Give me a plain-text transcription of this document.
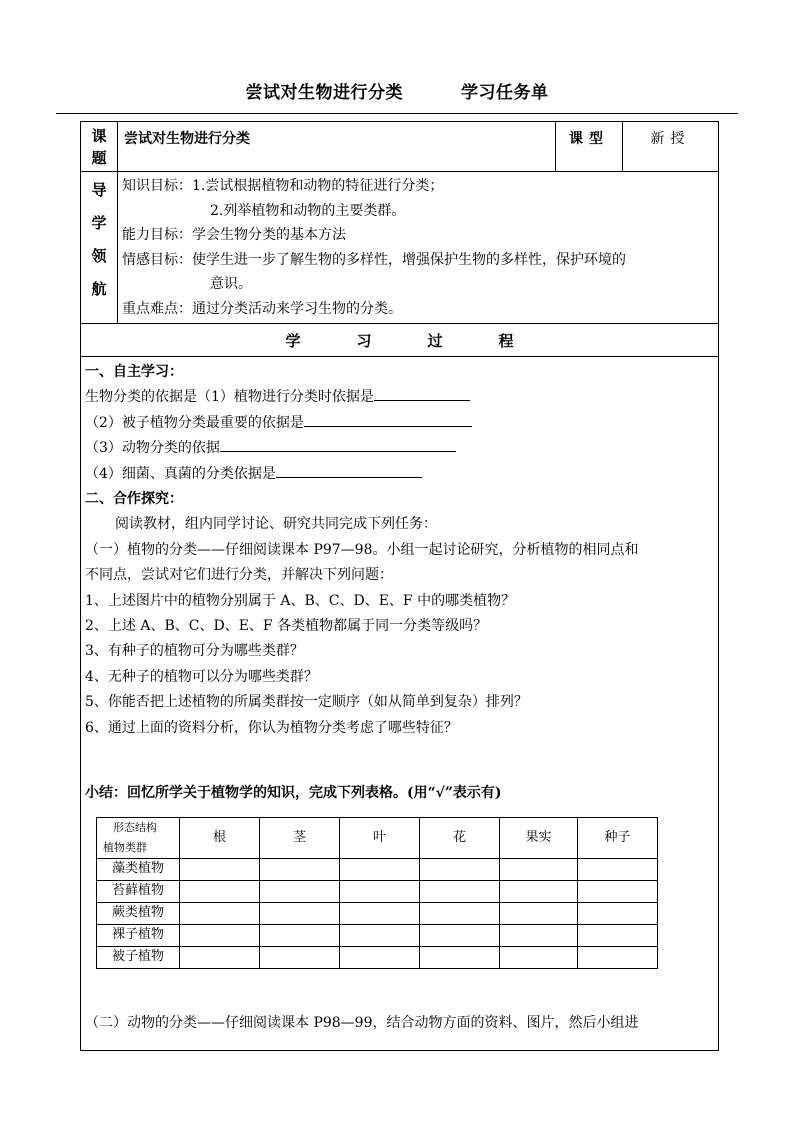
尝试对生物进行分类	学习任务单
课
题
	尝试对生物进行分类	课型	新授

导
学
领
航

知识目标：1.尝试根据植物和动物的特征进行分类；
2.列举植物和动物的主要类群。
能力目标：学会生物分类的基本方法
情感目标：使学生进一步了解生物的多样性，增强保护生物的多样性，保护环境的
意识。
重点难点：通过分类活动来学习生物的分类。

学	习	过	程

一、自主学习：
生物分类的依据是（1）植物进行分类时依据是
（2）被子植物分类最重要的依据是
（3）动物分类的依据
（4）细菌、真菌的分类依据是
二、合作探究：
阅读教材，组内同学讨论、研究共同完成下列任务：
（一）植物的分类——仔细阅读课本 P97—98。小组一起讨论研究，分析植物的相同点和
不同点，尝试对它们进行分类，并解决下列问题：
1、上述图片中的植物分别属于 A、B、C、D、E、F 中的哪类植物？
2、上述 A、B、C、D、E、F 各类植物都属于同一分类等级吗？
3、有种子的植物可分为哪些类群？
4、无种子的植物可以分为哪些类群？
5、你能否把上述植物的所属类群按一定顺序（如从简单到复杂）排列？
6、通过上面的资料分析，你认为植物分类考虑了哪些特征？
小结：回忆所学关于植物学的知识，完成下列表格。(用“√”表示有)
形态结构
植物类群
	根	茎	叶	花	果实	种子
藻类植物						
苔藓植物						
蕨类植物						
裸子植物						
被子植物						
（二）动物的分类——仔细阅读课本 P98—99，结合动物方面的资料、图片，然后小组进
